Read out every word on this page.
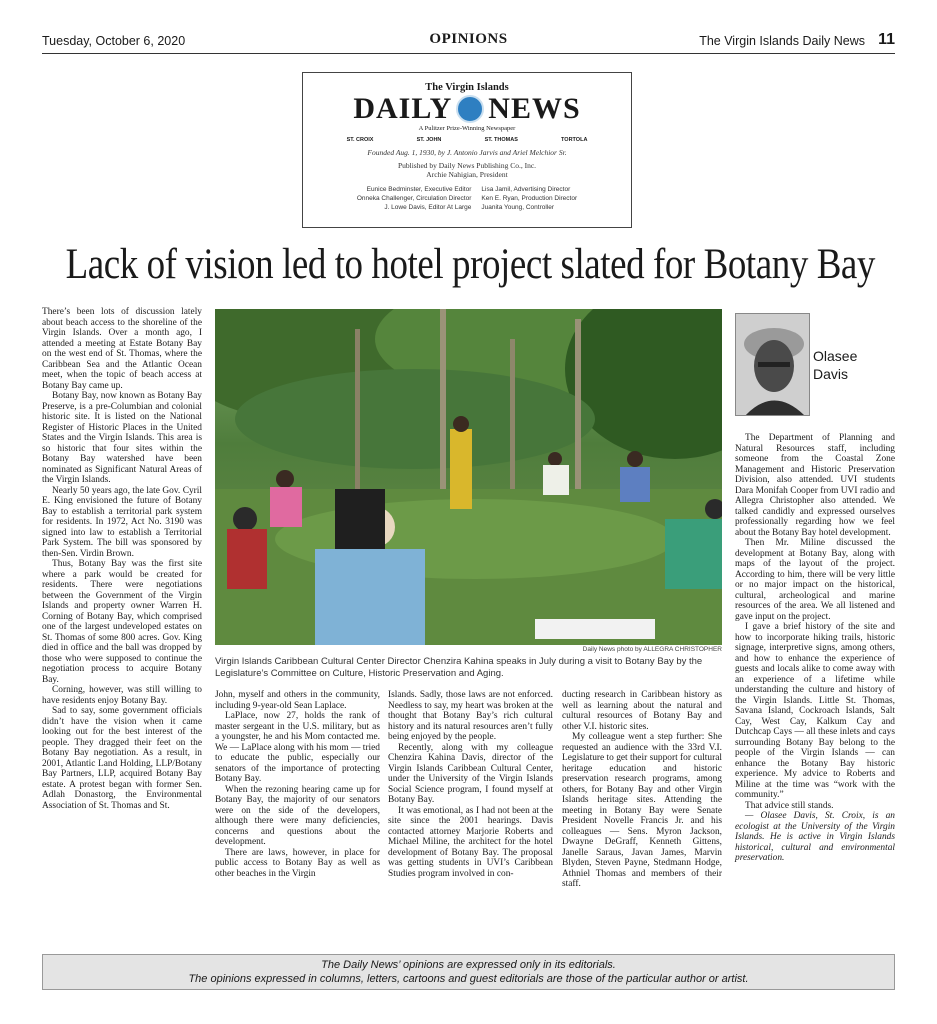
Tuesday, October 6, 2020	OPINIONS	The Virgin Islands Daily News 11
The Virgin Islands
DAILY NEWS
A Pulitzer Prize-Winning Newspaper
ST. CROIX	ST. JOHN	ST. THOMAS	TORTOLA
Founded Aug. 1, 1930, by J. Antonio Jarvis and Ariel Melchior Sr.
Published by Daily News Publishing Co., Inc.
Archie Nahigian, President
Eunice Bedminster, Executive Editor
Onneka Challenger, Circulation Director
J. Lowe Davis, Editor At Large
Lisa Jamil, Advertising Director
Ken E. Ryan, Production Director
Juanita Young, Controller
Lack of vision led to hotel project slated for Botany Bay

There’s been lots of discussion lately about beach access to the shoreline of the Virgin Islands. Over a month ago, I attended a meeting at Estate Botany Bay on the west end of St. Thomas, where the Caribbean Sea and the Atlantic Ocean meet, when the topic of beach access at Botany Bay came up.

Botany Bay, now known as Botany Bay Preserve, is a pre-Columbian and colonial historic site. It is listed on the National Register of Historic Places in the United States and the Virgin Islands. This area is so historic that four sites within the Botany Bay watershed have been nominated as Significant Natural Areas of the Virgin Islands.

Nearly 50 years ago, the late Gov. Cyril E. King envisioned the future of Botany Bay to establish a territorial park system for residents. In 1972, Act No. 3190 was signed into law to establish a Territorial Park System. The bill was sponsored by then-Sen. Virdin Brown.

Thus, Botany Bay was the first site where a park would be created for residents. There were negotiations between the Government of the Virgin Islands and property owner Warren H. Corning of Botany Bay, which comprised one of the largest undeveloped estates on St. Thomas of some 800 acres. Gov. King died in office and the ball was dropped by those who were supposed to continue the negotiation process to acquire Botany Bay.

Corning, however, was still willing to have residents enjoy Botany Bay.

Sad to say, some government officials didn’t have the vision when it came looking out for the best interest of the people. They dragged their feet on the Botany Bay negotiation. As a result, in 2001, Atlantic Land Holding, LLP/Botany Bay Partners, LLP, acquired Botany Bay estate. A protest began with former Sen. Adlah Donastorg, the Environmental Association of St. Thomas and St.

Daily News photo by ALLEGRA CHRISTOPHER
Virgin Islands Caribbean Cultural Center Director Chenzira Kahina speaks in July during a visit to Botany Bay by the Legislature’s Committee on Culture, Historic Preservation and Aging.
Olasee
Davis

John, myself and others in the community, including 9-year-old Sean Laplace.

LaPlace, now 27, holds the rank of master sergeant in the U.S. military, but as a youngster, he and his Mom contacted me. We — LaPlace along with his mom — tried to educate the public, especially our senators of the importance of protecting Botany Bay.

When the rezoning hearing came up for Botany Bay, the majority of our senators were on the side of the developers, although there were many deficiencies, concerns and questions about the development.

There are laws, however, in place for public access to Botany Bay as well as other beaches in the Virgin

Islands. Sadly, those laws are not enforced. Needless to say, my heart was broken at the thought that Botany Bay’s rich cultural history and its natural resources aren’t fully being enjoyed by the people.

Recently, along with my colleague Chenzira Kahina Davis, director of the Virgin Islands Caribbean Cultural Center, under the University of the Virgin Islands Social Science program, I found myself at Botany Bay.

It was emotional, as I had not been at the site since the 2001 hearings. Davis contacted attorney Marjorie Roberts and Michael Miline, the architect for the hotel development of Botany Bay. The proposal was getting students in UVI’s Caribbean Studies program involved in con-

ducting research in Caribbean history as well as learning about the natural and cultural resources of Botany Bay and other V.I. historic sites.

My colleague went a step further: She requested an audience with the 33rd V.I. Legislature to get their support for cultural heritage education and historic preservation research programs, among others, for Botany Bay and other Virgin Islands heritage sites. Attending the meeting in Botany Bay were Senate President Novelle Francis Jr. and his colleagues — Sens. Myron Jackson, Dwayne DeGraff, Kenneth Gittens, Janelle Saraus, Javan James, Marvin Blyden, Steven Payne, Stedmann Hodge, Athniel Thomas and members of their staff.

The Department of Planning and Natural Resources staff, including someone from the Coastal Zone Management and Historic Preservation Division, also attended. UVI students Dara Monifah Cooper from UVI radio and Allegra Christopher also attended. We talked candidly and expressed ourselves professionally regarding how we feel about the Botany Bay hotel development.

Then Mr. Miline discussed the development at Botany Bay, along with maps of the layout of the project. According to him, there will be very little or no major impact on the historical, cultural, archeological and marine resources of the area. We all listened and gave input on the project.

I gave a brief history of the site and how to incorporate hiking trails, historic signage, interpretive signs, among others, and how to enhance the experience of guests and locals alike to come away with an experience of a lifetime while understanding the culture and history of the Virgin Islands. Little St. Thomas, Savana Island, Cockroach Islands, Salt Cay, West Cay, Kalkum Cay and Dutchcap Cays — all these inlets and cays surrounding Botany Bay belong to the people of the Virgin Islands — can enhance the Botany Bay historic experience. My advice to Roberts and Miline at the time was “work with the community.”

That advice still stands.

— Olasee Davis, St. Croix, is an ecologist at the University of the Virgin Islands. He is active in Virgin Islands historical, cultural and environmental preservation.

The Daily News’ opinions are expressed only in its editorials.
The opinions expressed in columns, letters, cartoons and guest editorials are those of the particular author or artist.
